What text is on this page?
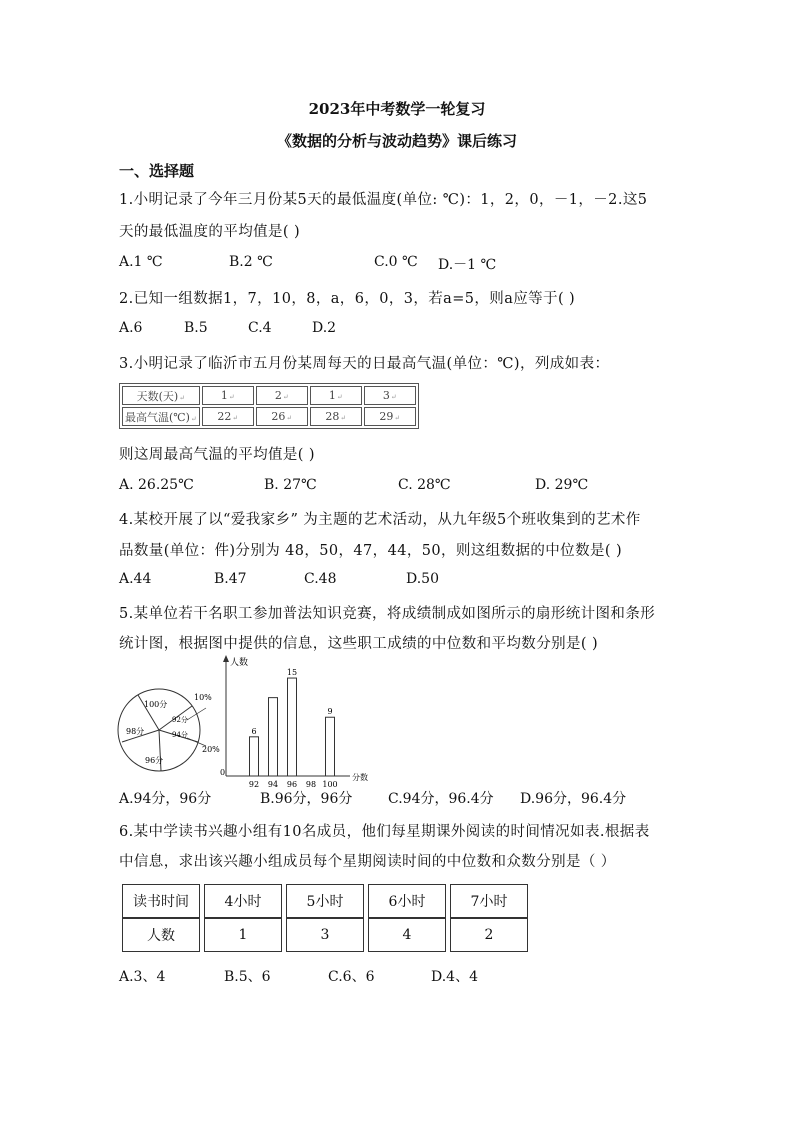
2023年中考数学一轮复习
《数据的分析与波动趋势》课后练习
一、选择题
1.小明记录了今年三月份某5天的最低温度(单位: ℃)：1，2，0，－1，－2.这5
天的最低温度的平均值是( )
A.1 ℃	B.2 ℃	C.0 ℃ D.－1 ℃
2.已知一组数据1，7，10，8，a，6，0，3，若a=5，则a应等于( )
A.6	B.5	C.4	D.2
3.小明记录了临沂市五月份某周每天的日最高气温(单位：℃)，列成如表：
天数(天)↵	1↵	2↵	1↵	3↵
最高气温(℃)↵	22↵	26↵	28↵	29↵
则这周最高气温的平均值是( )
A. 26.25℃	B. 27℃	C. 28℃	D. 29℃
4.某校开展了以“爱我家乡” 为主题的艺术活动，从九年级5个班收集到的艺术作
品数量(单位：件)分别为 48，50，47，44，50，则这组数据的中位数是( )
A.44	B.47	C.48	D.50
5.某单位若干名职工参加普法知识竞赛，将成绩制成如图所示的扇形统计图和条形
统计图，根据图中提供的信息，这些职工成绩的中位数和平均数分别是( )
100分
98分
96分
94分
92分
10%
20%
人数
分数
0
92
6
94 96
15
98 100
9
A.94分，96分	B.96分，96分	C.94分，96.4分 D.96分，96.4分
6.某中学读书兴趣小组有10名成员，他们每星期课外阅读的时间情况如表.根据表
中信息，求出该兴趣小组成员每个星期阅读时间的中位数和众数分别是（ ）
读书时间		4小时		5小时		6小时		7小时
人数		1		3		4		2
A.3、4	B.5、6	C.6、6	D.4、4
